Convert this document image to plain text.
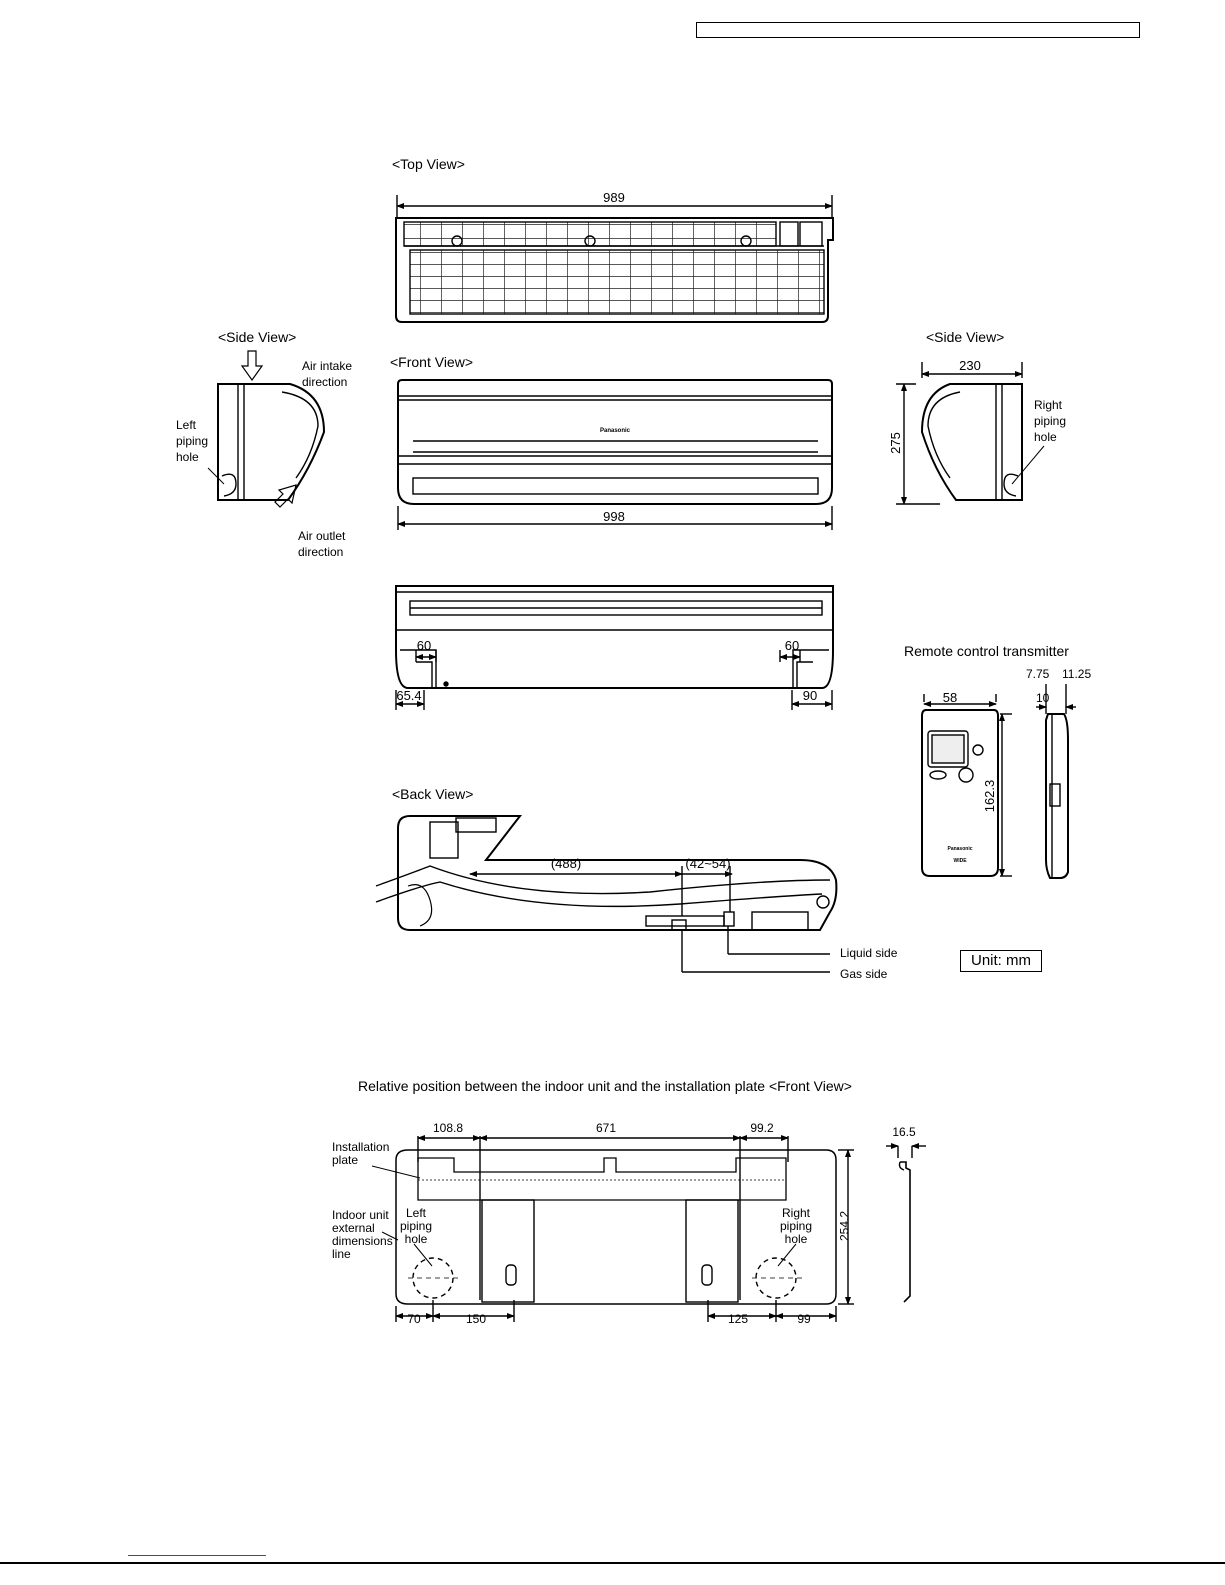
Panasonic
Panasonic
WIDE
<Top View>
989
<Side View>
<Front View>
<Side View>
Air intake
direction
Left
piping
hole
Air outlet
direction
998
230
275
Right
piping
hole
60	60
65.4	90
Remote control transmitter
7.75 11.25
10
58
162.3
<Back View>
(488)	(42~54)
Liquid side
Gas side
Unit: mm
Relative position between the indoor unit and the installation plate <Front View>
108.8	671	99.2	16.5
254.2
Installation
plate
Indoor unit
external
dimensions
line
Left
piping
hole
Right
piping
hole
70	150	125	99
